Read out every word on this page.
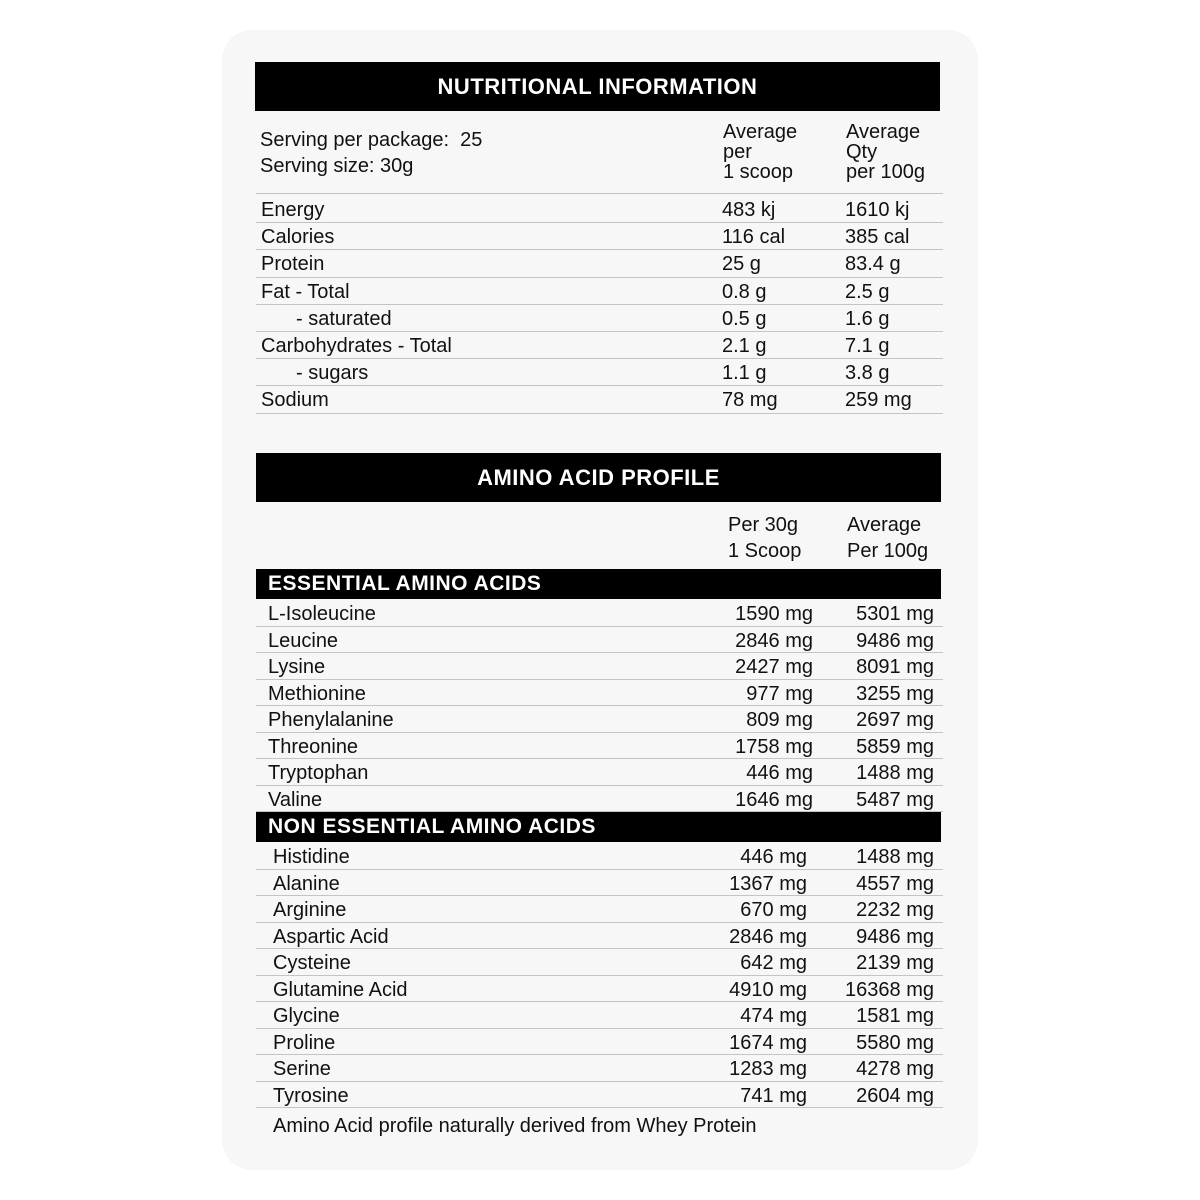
NUTRITIONAL INFORMATION
Serving per package: 25
Serving size: 30g
Average
per
1 scoop
Average
Qty
per 100g
Energy	483 kj	1610 kj
Calories	116 cal	385 cal
Protein	25 g	83.4 g
Fat - Total	0.8 g	2.5 g
- saturated	0.5 g	1.6 g
Carbohydrates - Total	2.1 g	7.1 g
- sugars	1.1 g	3.8 g
Sodium	78 mg	259 mg
AMINO ACID PROFILE
Per 30g
1 Scoop
Average
Per 100g
ESSENTIAL AMINO ACIDS
L-Isoleucine	1590 mg 5301 mg
Leucine	2846 mg 9486 mg
Lysine	2427 mg 8091 mg
Methionine	977 mg 3255 mg
Phenylalanine	809 mg 2697 mg
Threonine	1758 mg 5859 mg
Tryptophan	446 mg 1488 mg
Valine	1646 mg 5487 mg
NON ESSENTIAL AMINO ACIDS
Histidine	446 mg 1488 mg
Alanine	1367 mg 4557 mg
Arginine	670 mg 2232 mg
Aspartic Acid	2846 mg 9486 mg
Cysteine	642 mg 2139 mg
Glutamine Acid	4910 mg 16368 mg
Glycine	474 mg 1581 mg
Proline	1674 mg 5580 mg
Serine	1283 mg 4278 mg
Tyrosine	741 mg 2604 mg
Amino Acid profile naturally derived from Whey Protein
